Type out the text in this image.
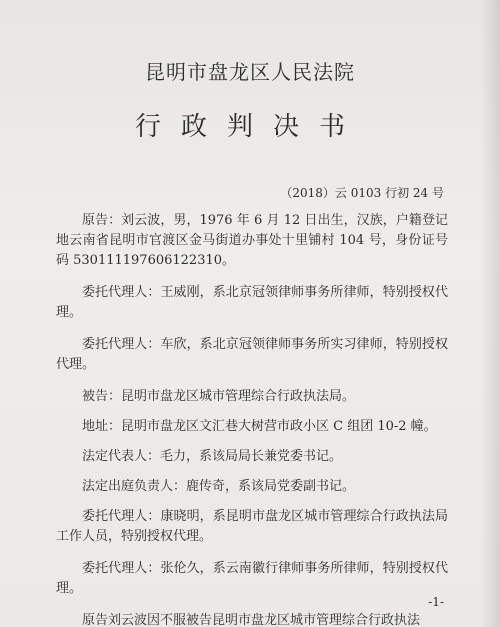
昆明市盘龙区人民法院
行政判决书
（2018）云 0103 行初 24 号

原告：刘云波，男，1976 年 6 月 12 日出生，汉族，户籍登记地云南省昆明市官渡区金马街道办事处十里铺村 104 号，身份证号码 530111197606122310。

委托代理人：王威刚，系北京冠领律师事务所律师，特别授权代理。

委托代理人：车欣，系北京冠领律师事务所实习律师，特别授权代理。

被告：昆明市盘龙区城市管理综合行政执法局。

地址：昆明市盘龙区文汇巷大树营市政小区 C 组团 10-2 幢。

法定代表人：毛力，系该局局长兼党委书记。

法定出庭负责人：鹿传奇，系该局党委副书记。

委托代理人：康晓明，系昆明市盘龙区城市管理综合行政执法局工作人员，特别授权代理。

委托代理人：张伦久，系云南徽行律师事务所律师，特别授权代理。

原告刘云波因不服被告昆明市盘龙区城市管理综合行政执法

-1-
